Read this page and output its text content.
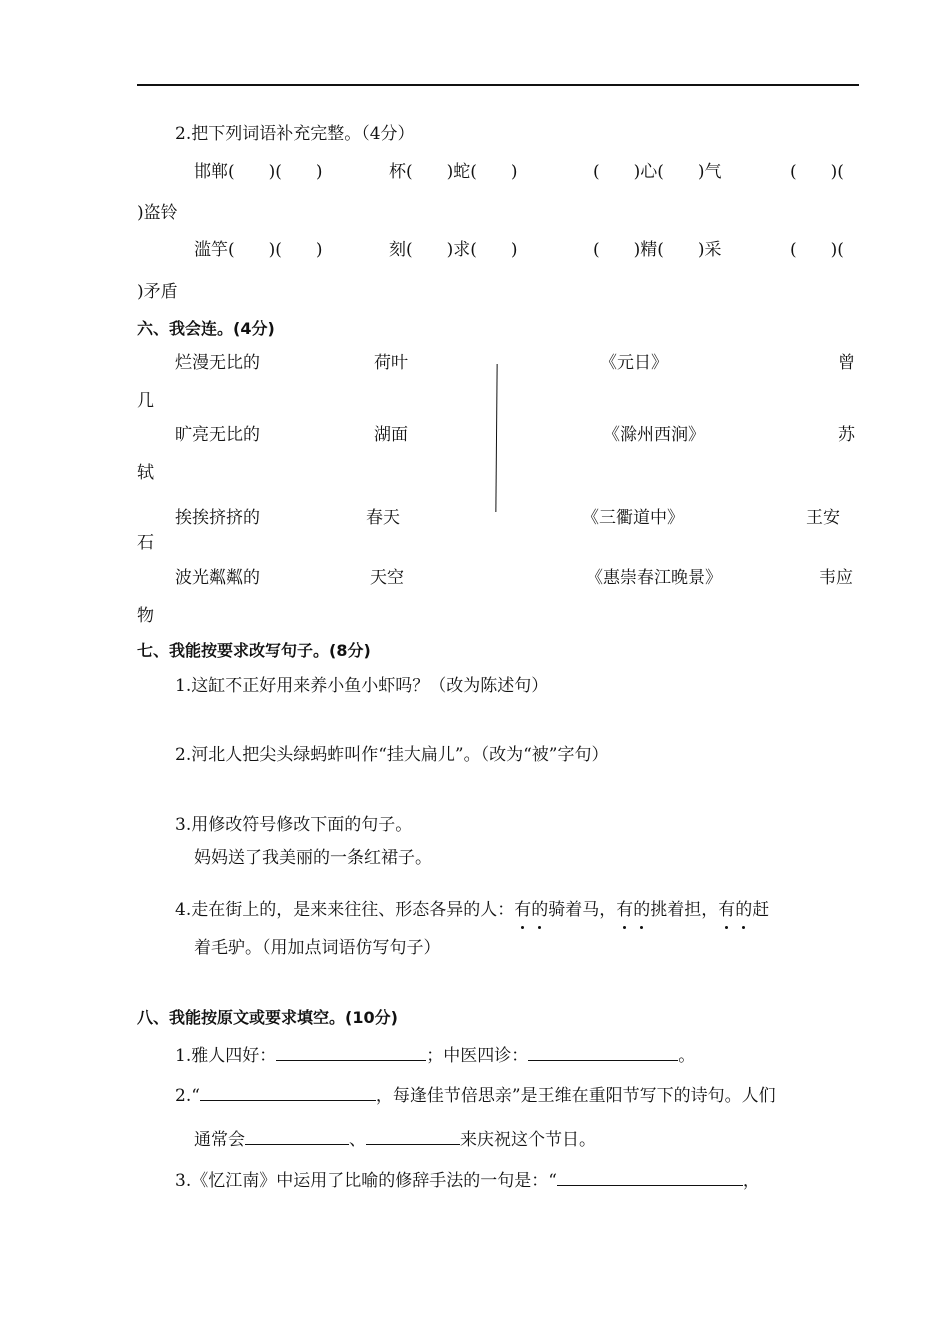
2.把下列词语补充完整。（4分）
邯郸(　　)(　　)	杯(　　)蛇(　　)	(　　)心(　　)气	(　　)(
)盗铃
滥竽(　　)(　　)	刻(　　)求(　　)	(　　)精(　　)采	(　　)(
)矛盾
六、我会连。(4分)
烂漫无比的	荷叶	《元日》	曾
几
旷亮无比的	湖面	《滁州西涧》	苏
轼
挨挨挤挤的	春天	《三衢道中》	王安
石
波光粼粼的	天空	《惠崇春江晚景》	韦应
物
七、我能按要求改写句子。(8分)
1.这缸不正好用来养小鱼小虾吗？（改为陈述句）
2.河北人把尖头绿蚂蚱叫作“挂大扁儿”。（改为“被”字句）
3.用修改符号修改下面的句子。
妈妈送了我美丽的一条红裙子。
4.走在街上的，是来来往往、形态各异的人：有的骑着马，有的挑着担，有的赶
着毛驴。（用加点词语仿写句子）
八、我能按原文或要求填空。(10分)
1.雅人四好：	；中医四诊：	。
2.“	，每逢佳节倍思亲”是王维在重阳节写下的诗句。人们
通常会	、	来庆祝这个节日。
3.《忆江南》中运用了比喻的修辞手法的一句是：“	，
